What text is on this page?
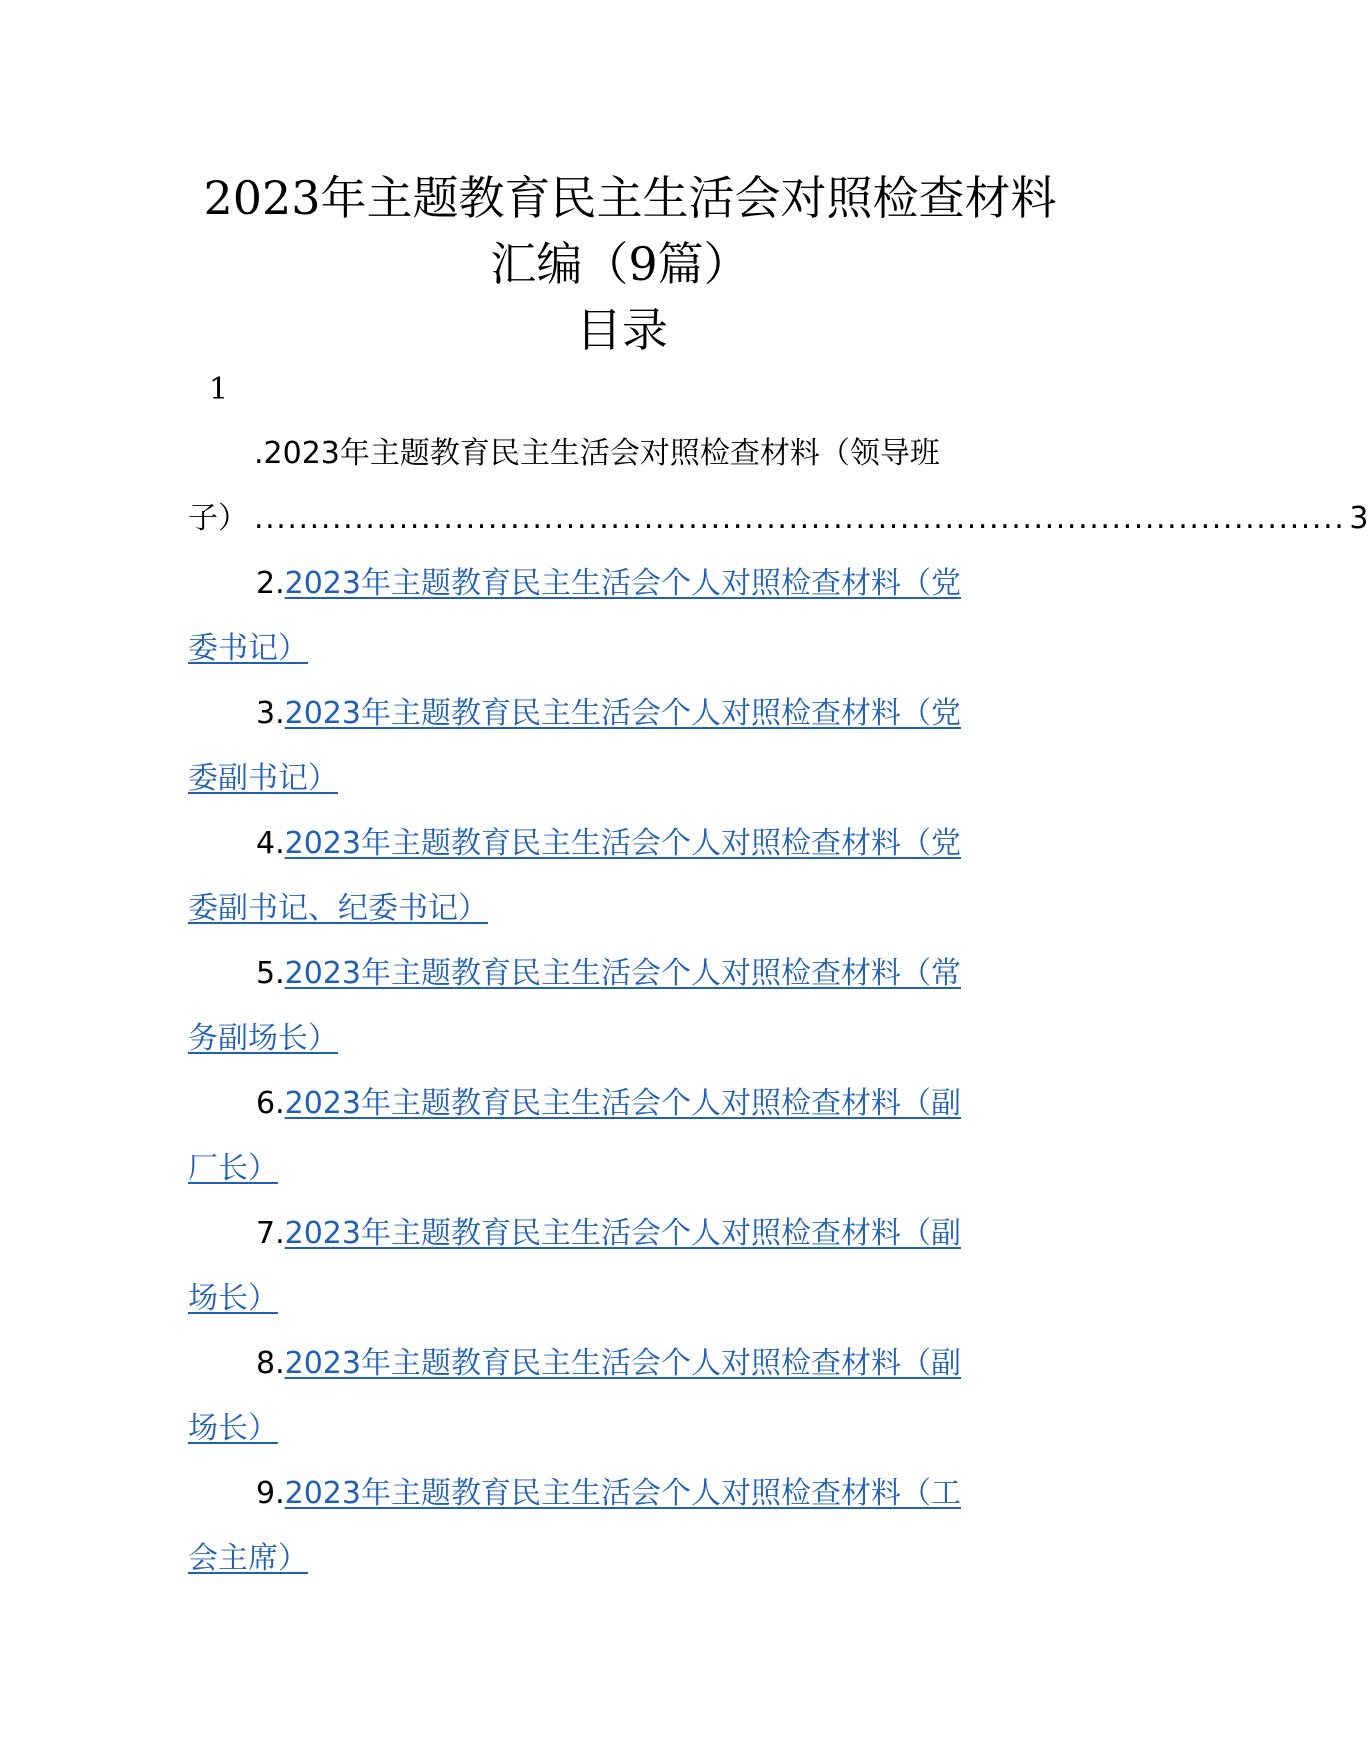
2023年主题教育民主生活会对照检查材料
汇编（9篇）
目录
1
.2023年主题教育民主生活会对照检查材料（领导班
子） .................................................................................................. 3
2.2023年主题教育民主生活会个人对照检查材料（党
委书记）
3.2023年主题教育民主生活会个人对照检查材料（党
委副书记）
4.2023年主题教育民主生活会个人对照检查材料（党
委副书记、纪委书记）
5.2023年主题教育民主生活会个人对照检查材料（常
务副场长）
6.2023年主题教育民主生活会个人对照检查材料（副
厂长）
7.2023年主题教育民主生活会个人对照检查材料（副
场长）
8.2023年主题教育民主生活会个人对照检查材料（副
场长）
9.2023年主题教育民主生活会个人对照检查材料（工
会主席）
